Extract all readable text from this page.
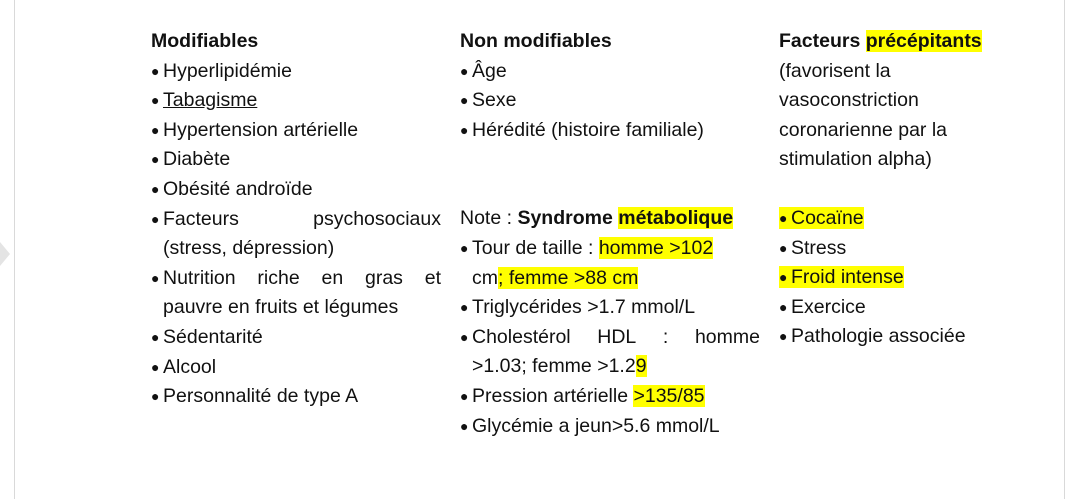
Modifiables
● Hyperlipidémie
● Tabagisme
● Hypertension artérielle
● Diabète
● Obésité androïde
● Facteurs	psychosociaux
(stress, dépression)
● Nutrition riche en gras et
pauvre en fruits et légumes
● Sédentarité
● Alcool
● Personnalité de type A
Non modifiables
● Âge
● Sexe
● Hérédité (histoire familiale)
Note : Syndrome métabolique
● Tour de taille : homme >102
cm; femme >88 cm
● Triglycérides >1.7 mmol/L
● Cholestérol HDL : homme
>1.03; femme >1.29
● Pression artérielle >135/85
● Glycémie a jeun>5.6 mmol/L
Facteurs précépitants
(favorisent la
vasoconstriction
coronarienne par la
stimulation alpha)
● Cocaïne
● Stress
● Froid intense
● Exercice
● Pathologie associée
